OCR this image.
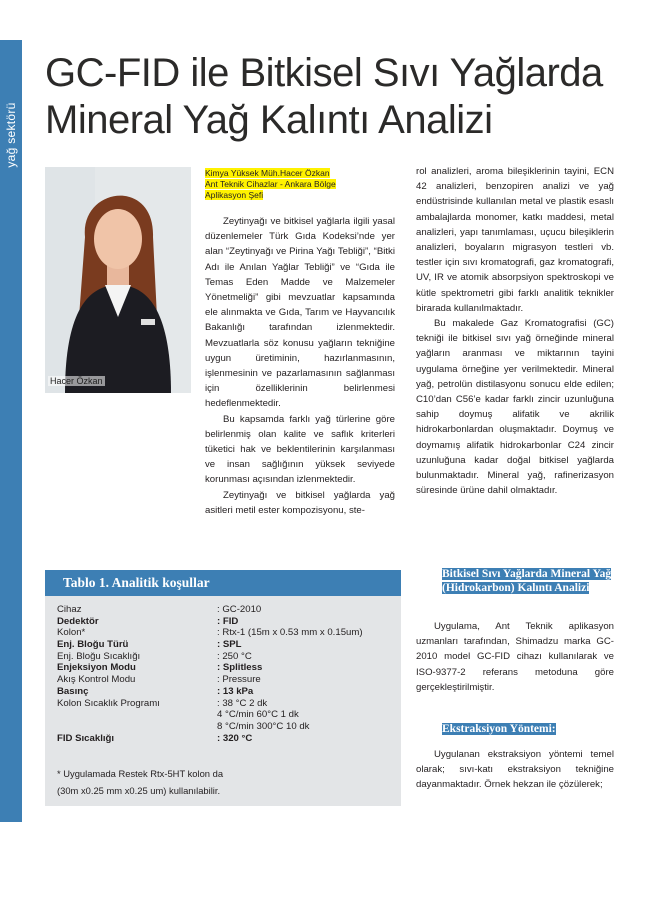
yağ sektörü
GC-FID ile Bitkisel Sıvı Yağlarda Mineral Yağ Kalıntı Analizi
Hacer Özkan
Kimya Yüksek Müh.Hacer Özkan
Ant Teknik Cihazlar - Ankara Bölge
Aplikasyon Şefi

Zeytinyağı ve bitkisel yağlarla ilgili yasal düzenlemeler Türk Gıda Kodeksi’nde yer alan “Zeytinyağı ve Pirina Yağı Tebliği”, “Bitki Adı ile Anılan Yağlar Tebliği” ve “Gıda ile Temas Eden Madde ve Malzemeler Yönetmeliği” gibi mevzuatlar kapsamında ele alınmakta ve Gıda, Tarım ve Hayvancılık Bakanlığı tarafından izlenmektedir. Mevzuatlarla söz konusu yağların tekniğine uygun üretiminin, hazırlanmasının, işlenmesinin ve pazarlamasının sağlanması için özelliklerinin belirlenmesi hedeflenmektedir.

Bu kapsamda farklı yağ türlerine göre belirlenmiş olan kalite ve saflık kriterleri tüketici hak ve beklentilerinin karşılanması ve insan sağlığının yüksek seviyede korunması açısından izlenmektedir.

Zeytinyağı ve bitkisel yağlarda yağ asitleri metil ester kompozisyonu, ste-

rol analizleri, aroma bileşiklerinin tayini, ECN 42 analizleri, benzopiren analizi ve yağ endüstrisinde kullanılan metal ve plastik esaslı ambalajlarda monomer, katkı maddesi, metal analizleri, yapı tanımlaması, uçucu bileşiklerin analizleri, boyaların migrasyon testleri vb. testler için sıvı kromatografi, gaz kromatografi, UV, IR ve atomik absorpsiyon spektroskopi ve kütle spektrometri gibi farklı analitik teknikler birarada kullanılmaktadır.

Bu makalede Gaz Kromatografisi (GC) tekniği ile bitkisel sıvı yağ örneğinde mineral yağların aranması ve miktarının tayini uygulama örneğine yer verilmektedir. Mineral yağ, petrolün distilasyonu sonucu elde edilen; C10’dan C56’e kadar farklı zincir uzunluğuna sahip doymuş alifatik ve akrilik hidrokarbonlardan oluşmaktadır. Doymuş ve doymamış alifatik hidrokarbonlar C24 zincir uzunluğuna kadar doğal bitkisel yağlarda bulunmaktadır. Mineral yağ, rafinerizasyon süresinde ürüne dahil olmaktadır.

Bitkisel Sıvı Yağlarda Mineral Yağ (Hidrokarbon) Kalıntı Analizi

Uygulama, Ant Teknik aplikasyon uzmanları tarafından, Shimadzu marka GC-2010 model GC-FID cihazı kullanılarak ve ISO-9377-2 referans metoduna göre gerçekleştirilmiştir.

Ekstraksiyon Yöntemi:

Uygulanan ekstraksiyon yöntemi temel olarak; sıvı-katı ekstraksiyon tekniğine dayanmaktadır. Örnek hekzan ile çözülerek;

Tablo 1. Analitik koşullar
Cihaz	: GC-2010
Dedektör	: FID
Kolon*	: Rtx-1 (15m x 0.53 mm x 0.15um)
Enj. Bloğu Türü	: SPL
Enj. Bloğu Sıcaklığı	: 250 °C
Enjeksiyon Modu	: Splitless
Akış Kontrol Modu	: Pressure
Basınç	: 13 kPa
Kolon Sıcaklık Programı	: 38 °C 2 dk
4 °C/min 60°C 1 dk
8 °C/min 300°C 10 dk
FID Sıcaklığı	: 320 °C
* Uygulamada Restek Rtx-5HT kolon da
(30m x0.25 mm x0.25 um) kullanılabilir.
